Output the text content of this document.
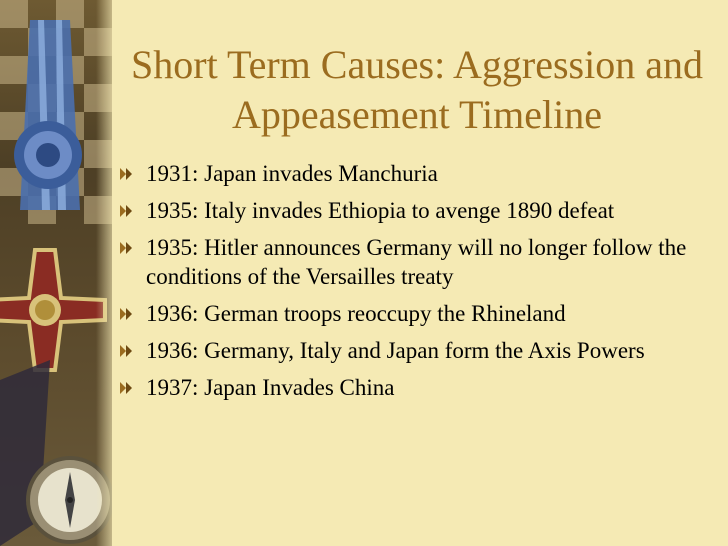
Short Term Causes: Aggression and Appeasement Timeline
1931: Japan invades Manchuria
1935: Italy invades Ethiopia to avenge 1890 defeat
1935: Hitler announces Germany will no longer follow the conditions of the Versailles treaty
1936: German troops reoccupy the Rhineland
1936: Germany, Italy and Japan form the Axis Powers
1937: Japan Invades China
